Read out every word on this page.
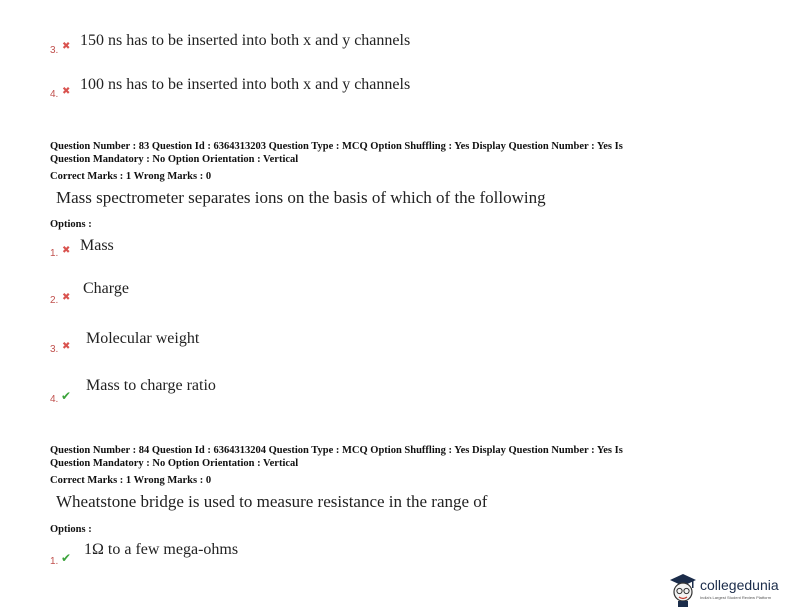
3. ✖ 150 ns has to be inserted into both x and y channels
4. ✖ 100 ns has to be inserted into both x and y channels
Question Number : 83 Question Id : 6364313203 Question Type : MCQ Option Shuffling : Yes Display Question Number : Yes Is
Question Mandatory : No Option Orientation : Vertical
Correct Marks : 1 Wrong Marks : 0
Mass spectrometer separates ions on the basis of which of the following
Options :
1. ✖ Mass
2. ✖
Charge
3. ✖ Molecular weight
4. ✔
Mass to charge ratio
Question Number : 84 Question Id : 6364313204 Question Type : MCQ Option Shuffling : Yes Display Question Number : Yes Is
Question Mandatory : No Option Orientation : Vertical
Correct Marks : 1 Wrong Marks : 0
Wheatstone bridge is used to measure resistance in the range of
Options :
1. ✔ 1Ω to a few mega-ohms
collegedunia
India's Largest Student Review Platform
